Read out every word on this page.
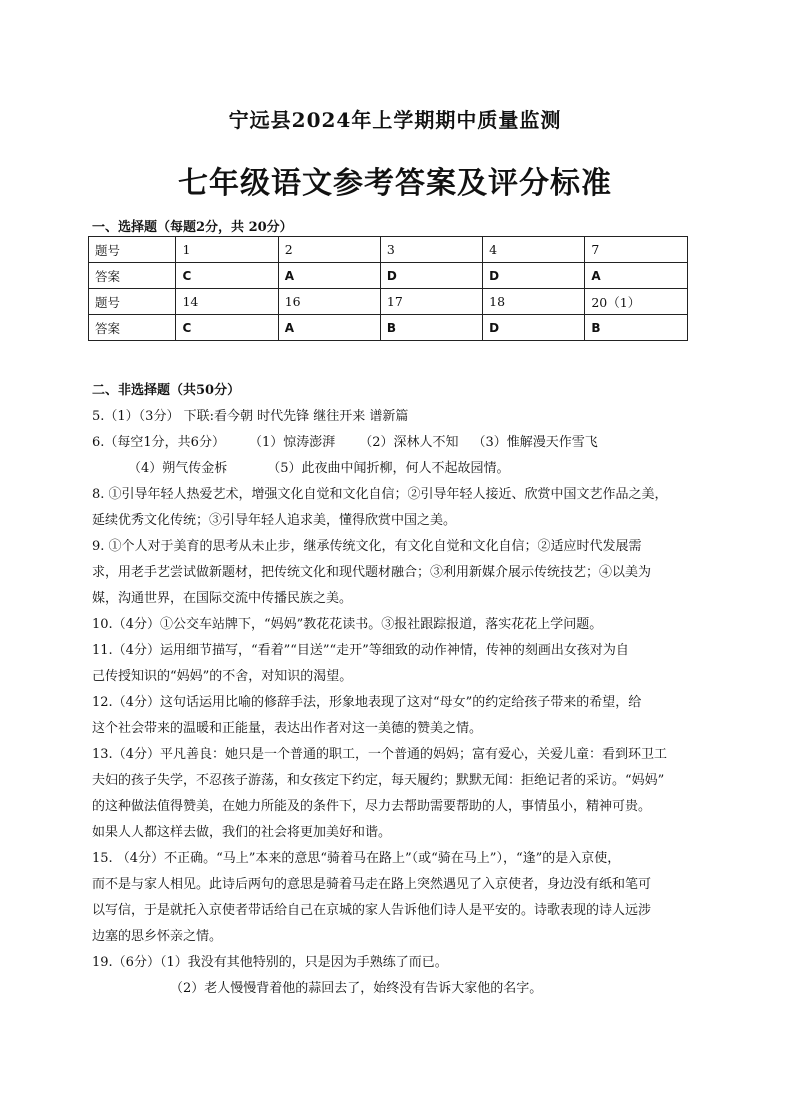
宁远县2024年上学期期中质量监测
七年级语文参考答案及评分标准
一、选择题（每题2分，共 20分）
题号	1	2	3	4	7
答案	C	A	D	D	A
题号	14	16	17	18	20（1）
答案	C	A	B	D	B

二、非选择题（共50分）

5.（1）（3分） 下联:看今朝 时代先锋 继往开来 谱新篇

6.（每空1分，共6分） （1）惊涛澎湃 （2）深林人不知 （3）惟解漫天作雪飞

（4）朔气传金柝	（5）此夜曲中闻折柳，何人不起故园情。

8. ①引导年轻人热爱艺术，增强文化自觉和文化自信；②引导年轻人接近、欣赏中国文艺作品之美，

延续优秀文化传统；③引导年轻人追求美，懂得欣赏中国之美。

9. ①个人对于美育的思考从未止步，继承传统文化，有文化自觉和文化自信；②适应时代发展需

求，用老手艺尝试做新题材，把传统文化和现代题材融合；③利用新媒介展示传统技艺；④以美为

媒，沟通世界，在国际交流中传播民族之美。

10.（4分）①公交车站牌下，“妈妈”教花花读书。③报社跟踪报道，落实花花上学问题。

11.（4分）运用细节描写，“看着”“目送”“走开”等细致的动作神情，传神的刻画出女孩对为自

己传授知识的“妈妈”的不舍，对知识的渴望。

12.（4分）这句话运用比喻的修辞手法，形象地表现了这对“母女”的约定给孩子带来的希望，给

这个社会带来的温暖和正能量，表达出作者对这一美德的赞美之情。

13.（4分）平凡善良：她只是一个普通的职工，一个普通的妈妈；富有爱心，关爱儿童：看到环卫工

夫妇的孩子失学，不忍孩子游荡，和女孩定下约定，每天履约；默默无闻：拒绝记者的采访。“妈妈”

的这种做法值得赞美，在她力所能及的条件下，尽力去帮助需要帮助的人，事情虽小，精神可贵。

如果人人都这样去做，我们的社会将更加美好和谐。

15. （4分）不正确。“马上”本来的意思“骑着马在路上”（或“骑在马上”），“逢”的是入京使，

而不是与家人相见。此诗后两句的意思是骑着马走在路上突然遇见了入京使者，身边没有纸和笔可

以写信，于是就托入京使者带话给自己在京城的家人告诉他们诗人是平安的。诗歌表现的诗人远涉

边塞的思乡怀亲之情。

19.（6分）（1）我没有其他特别的，只是因为手熟练了而已。

（2）老人慢慢背着他的蒜回去了，始终没有告诉大家他的名字。
